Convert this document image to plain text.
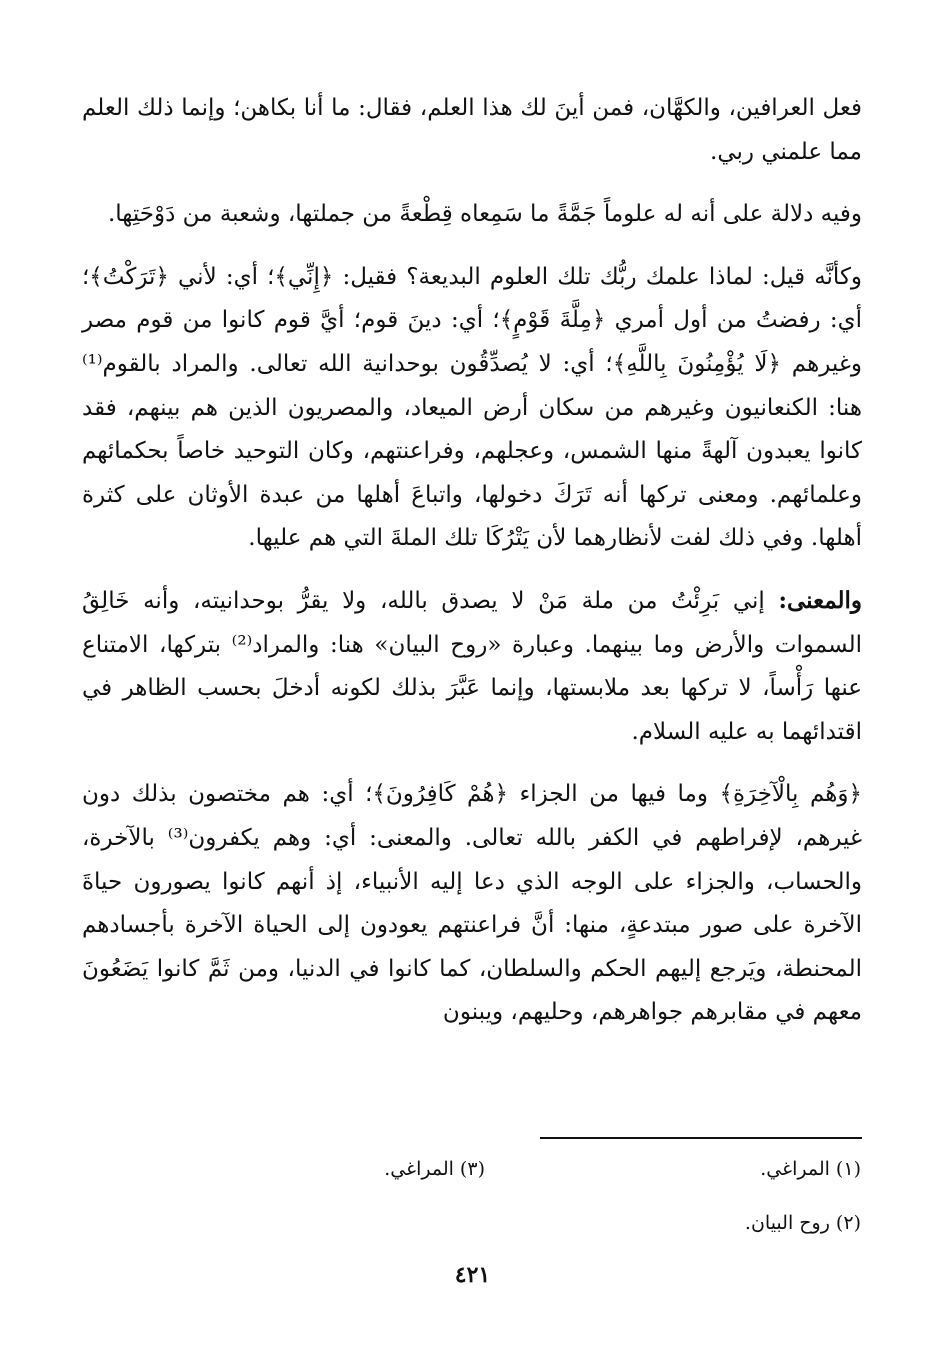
فعل العرافين، والكهَّان، فمن أينَ لك هذا العلم، فقال: ما أنا بكاهن؛ وإنما ذلك العلم مما علمني ربي.

وفيه دلالة على أنه له علوماً جَمَّةً ما سَمِعاه قِطْعةً من جملتها، وشعبة من دَوْحَتِها.

وكأنَّه قيل: لماذا علمك ربُّك تلك العلوم البديعة؟ فقيل: ﴿إِنِّي﴾؛ أي: لأني ﴿تَرَكْتُ﴾؛ أي: رفضتُ من أول أمري ﴿مِلَّةَ قَوْمٍ﴾؛ أي: دينَ قوم؛ أيَّ قوم كانوا من قوم مصر وغيرهم ﴿لَا يُؤْمِنُونَ بِاللَّهِ﴾؛ أي: لا يُصدِّقُون بوحدانية الله تعالى. والمراد بالقوم⁽¹⁾ هنا: الكنعانيون وغيرهم من سكان أرض الميعاد، والمصريون الذين هم بينهم، فقد كانوا يعبدون آلهةً منها الشمس، وعجلهم، وفراعنتهم، وكان التوحيد خاصاً بحكمائهم وعلمائهم. ومعنى تركها أنه تَرَكَ دخولها، واتباعَ أهلها من عبدة الأوثان على كثرة أهلها. وفي ذلك لفت لأنظارهما لأن يَتْرُكَا تلك الملةَ التي هم عليها.

والمعنى: إني بَرِئْتُ من ملة مَنْ لا يصدق بالله، ولا يقرُّ بوحدانيته، وأنه خَالِقُ السموات والأرض وما بينهما. وعبارة «روح البيان» هنا: والمراد⁽²⁾ بتركها، الامتناع عنها رَأْساً، لا تركها بعد ملابستها، وإنما عَبَّرَ بذلك لكونه أدخلَ بحسب الظاهر في اقتدائهما به عليه السلام.

﴿وَهُم بِالْآخِرَةِ﴾ وما فيها من الجزاء ﴿هُمْ كَافِرُونَ﴾؛ أي: هم مختصون بذلك دون غيرهم، لإفراطهم في الكفر بالله تعالى. والمعنى: أي: وهم يكفرون⁽³⁾ بالآخرة، والحساب، والجزاء على الوجه الذي دعا إليه الأنبياء، إذ أنهم كانوا يصورون حياةَ الآخرة على صور مبتدعةٍ، منها: أنَّ فراعنتهم يعودون إلى الحياة الآخرة بأجسادهم المحنطة، ويَرجع إليهم الحكم والسلطان، كما كانوا في الدنيا، ومن ثَمَّ كانوا يَضَعُونَ معهم في مقابرهم جواهرهم، وحليهم، ويبنون

(١) المراغي.
(٣) المراغي.
(٢) روح البيان.
٤٢١
